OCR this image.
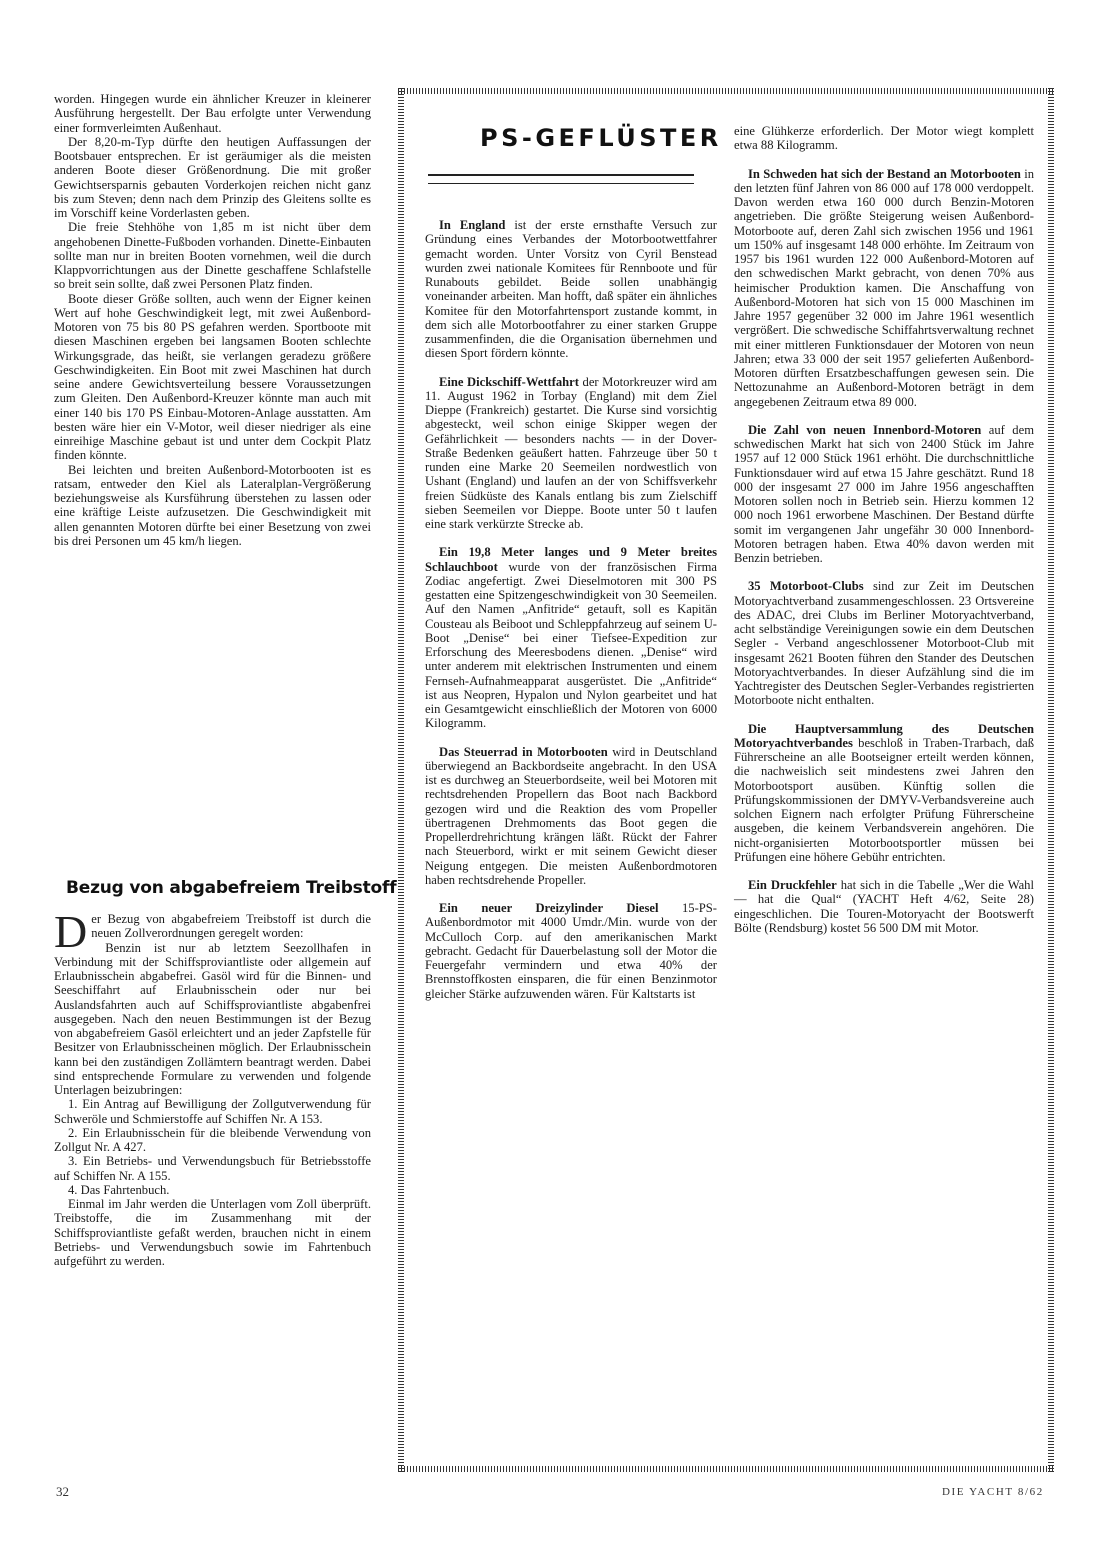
worden. Hingegen wurde ein ähnlicher Kreuzer in kleinerer Ausführung hergestellt. Der Bau erfolgte unter Verwendung einer formverleimten Außenhaut.

Der 8,20-m-Typ dürfte den heutigen Auffassungen der Bootsbauer entsprechen. Er ist geräumiger als die meisten anderen Boote dieser Größenordnung. Die mit großer Gewichtsersparnis gebauten Vorderkojen reichen nicht ganz bis zum Steven; denn nach dem Prinzip des Gleitens sollte es im Vorschiff keine Vorderlasten geben.

Die freie Stehhöhe von 1,85 m ist nicht über dem angehobenen Dinette-Fußboden vorhanden. Dinette-Einbauten sollte man nur in breiten Booten vornehmen, weil die durch Klappvorrichtungen aus der Dinette geschaffene Schlafstelle so breit sein sollte, daß zwei Personen Platz finden.

Boote dieser Größe sollten, auch wenn der Eigner keinen Wert auf hohe Geschwindigkeit legt, mit zwei Außenbord-Motoren von 75 bis 80 PS gefahren werden. Sportboote mit diesen Maschinen ergeben bei langsamen Booten schlechte Wirkungsgrade, das heißt, sie verlangen geradezu größere Geschwindigkeiten. Ein Boot mit zwei Maschinen hat durch seine andere Gewichtsverteilung bessere Voraussetzungen zum Gleiten. Den Außenbord-Kreuzer könnte man auch mit einer 140 bis 170 PS Einbau-Motoren-Anlage ausstatten. Am besten wäre hier ein V-Motor, weil dieser niedriger als eine einreihige Maschine gebaut ist und unter dem Cockpit Platz finden könnte.

Bei leichten und breiten Außenbord-Motorbooten ist es ratsam, entweder den Kiel als Lateralplan-Vergrößerung beziehungsweise als Kursführung überstehen zu lassen oder eine kräftige Leiste aufzusetzen. Die Geschwindigkeit mit allen genannten Motoren dürfte bei einer Besetzung von zwei bis drei Personen um 45 km/h liegen.

Bezug von abgabefreiem Treibstoff

Der Bezug von abgabefreiem Treibstoff ist durch die neuen Zollverordnungen geregelt worden:

Benzin ist nur ab letztem Seezollhafen in Verbindung mit der Schiffsproviantliste oder allgemein auf Erlaubnisschein abgabefrei. Gasöl wird für die Binnen- und Seeschiffahrt auf Erlaubnisschein oder nur bei Auslandsfahrten auch auf Schiffsproviantliste abgabenfrei ausgegeben. Nach den neuen Bestimmungen ist der Bezug von abgabefreiem Gasöl erleichtert und an jeder Zapfstelle für Besitzer von Erlaubnisscheinen möglich. Der Erlaubnisschein kann bei den zuständigen Zollämtern beantragt werden. Dabei sind entsprechende Formulare zu verwenden und folgende Unterlagen beizubringen:

1. Ein Antrag auf Bewilligung der Zollgutverwendung für Schweröle und Schmierstoffe auf Schiffen Nr. A 153.

2. Ein Erlaubnisschein für die bleibende Verwendung von Zollgut Nr. A 427.

3. Ein Betriebs- und Verwendungsbuch für Betriebsstoffe auf Schiffen Nr. A 155.

4. Das Fahrtenbuch.

Einmal im Jahr werden die Unterlagen vom Zoll überprüft. Treibstoffe, die im Zusammenhang mit der Schiffsproviantliste gefaßt werden, brauchen nicht in einem Betriebs- und Verwendungsbuch sowie im Fahrtenbuch aufgeführt zu werden.

PS-GEFLÜSTER

In England ist der erste ernsthafte Versuch zur Gründung eines Verbandes der Motorbootwettfahrer gemacht worden. Unter Vorsitz von Cyril Benstead wurden zwei nationale Komitees für Rennboote und für Runabouts gebildet. Beide sollen unabhängig voneinander arbeiten. Man hofft, daß später ein ähnliches Komitee für den Motorfahrtensport zustande kommt, in dem sich alle Motorbootfahrer zu einer starken Gruppe zusammenfinden, die die Organisation übernehmen und diesen Sport fördern könnte.

Eine Dickschiff-Wettfahrt der Motorkreuzer wird am 11. August 1962 in Torbay (England) mit dem Ziel Dieppe (Frankreich) gestartet. Die Kurse sind vorsichtig abgesteckt, weil schon einige Skipper wegen der Gefährlichkeit — besonders nachts — in der Dover-Straße Bedenken geäußert hatten. Fahrzeuge über 50 t runden eine Marke 20 Seemeilen nordwestlich von Ushant (England) und laufen an der von Schiffsverkehr freien Südküste des Kanals entlang bis zum Zielschiff sieben Seemeilen vor Dieppe. Boote unter 50 t laufen eine stark verkürzte Strecke ab.

Ein 19,8 Meter langes und 9 Meter breites Schlauchboot wurde von der französischen Firma Zodiac angefertigt. Zwei Dieselmotoren mit 300 PS gestatten eine Spitzengeschwindigkeit von 30 Seemeilen. Auf den Namen „Anfitride“ getauft, soll es Kapitän Cousteau als Beiboot und Schleppfahrzeug auf seinem U-Boot „Denise“ bei einer Tiefsee-Expedition zur Erforschung des Meeresbodens dienen. „Denise“ wird unter anderem mit elektrischen Instrumenten und einem Fernseh-Aufnahmeapparat ausgerüstet. Die „Anfitride“ ist aus Neopren, Hypalon und Nylon gearbeitet und hat ein Gesamtgewicht einschließlich der Motoren von 6000 Kilogramm.

Das Steuerrad in Motorbooten wird in Deutschland überwiegend an Backbordseite angebracht. In den USA ist es durchweg an Steuerbordseite, weil bei Motoren mit rechtsdrehenden Propellern das Boot nach Backbord gezogen wird und die Reaktion des vom Propeller übertragenen Drehmoments das Boot gegen die Propellerdrehrichtung krängen läßt. Rückt der Fahrer nach Steuerbord, wirkt er mit seinem Gewicht dieser Neigung entgegen. Die meisten Außenbordmotoren haben rechtsdrehende Propeller.

Ein neuer Dreizylinder Diesel 15-PS-Außenbordmotor mit 4000 Umdr./Min. wurde von der McCulloch Corp. auf den amerikanischen Markt gebracht. Gedacht für Dauerbelastung soll der Motor die Feuergefahr vermindern und etwa 40% der Brennstoffkosten einsparen, die für einen Benzinmotor gleicher Stärke aufzuwenden wären. Für Kaltstarts ist

eine Glühkerze erforderlich. Der Motor wiegt komplett etwa 88 Kilogramm.

In Schweden hat sich der Bestand an Motorbooten in den letzten fünf Jahren von 86 000 auf 178 000 verdoppelt. Davon werden etwa 160 000 durch Benzin-Motoren angetrieben. Die größte Steigerung weisen Außenbord-Motorboote auf, deren Zahl sich zwischen 1956 und 1961 um 150% auf insgesamt 148 000 erhöhte. Im Zeitraum von 1957 bis 1961 wurden 122 000 Außenbord-Motoren auf den schwedischen Markt gebracht, von denen 70% aus heimischer Produktion kamen. Die Anschaffung von Außenbord-Motoren hat sich von 15 000 Maschinen im Jahre 1957 gegenüber 32 000 im Jahre 1961 wesentlich vergrößert. Die schwedische Schiffahrtsverwaltung rechnet mit einer mittleren Funktionsdauer der Motoren von neun Jahren; etwa 33 000 der seit 1957 gelieferten Außenbord-Motoren dürften Ersatzbeschaffungen gewesen sein. Die Nettozunahme an Außenbord-Motoren beträgt in dem angegebenen Zeitraum etwa 89 000.

Die Zahl von neuen Innenbord-Motoren auf dem schwedischen Markt hat sich von 2400 Stück im Jahre 1957 auf 12 000 Stück 1961 erhöht. Die durchschnittliche Funktionsdauer wird auf etwa 15 Jahre geschätzt. Rund 18 000 der insgesamt 27 000 im Jahre 1956 angeschafften Motoren sollen noch in Betrieb sein. Hierzu kommen 12 000 noch 1961 erworbene Maschinen. Der Bestand dürfte somit im vergangenen Jahr ungefähr 30 000 Innenbord-Motoren betragen haben. Etwa 40% davon werden mit Benzin betrieben.

35 Motorboot-Clubs sind zur Zeit im Deutschen Motoryachtverband zusammengeschlossen. 23 Ortsvereine des ADAC, drei Clubs im Berliner Motoryachtverband, acht selbständige Vereinigungen sowie ein dem Deutschen Segler - Verband angeschlossener Motorboot-Club mit insgesamt 2621 Booten führen den Stander des Deutschen Motoryachtverbandes. In dieser Aufzählung sind die im Yachtregister des Deutschen Segler-Verbandes registrierten Motorboote nicht enthalten.

Die Hauptversammlung des Deutschen Motoryachtverbandes beschloß in Traben-Trarbach, daß Führerscheine an alle Bootseigner erteilt werden können, die nachweislich seit mindestens zwei Jahren den Motorbootsport ausüben. Künftig sollen die Prüfungskommissionen der DMYV-Verbandsvereine auch solchen Eignern nach erfolgter Prüfung Führerscheine ausgeben, die keinem Verbandsverein angehören. Die nicht-organisierten Motorbootsportler müssen bei Prüfungen eine höhere Gebühr entrichten.

Ein Druckfehler hat sich in die Tabelle „Wer die Wahl — hat die Qual“ (YACHT Heft 4/62, Seite 28) eingeschlichen. Die Touren-Motoryacht der Bootswerft Bölte (Rendsburg) kostet 56 500 DM mit Motor.

32	DIE YACHT 8/62
